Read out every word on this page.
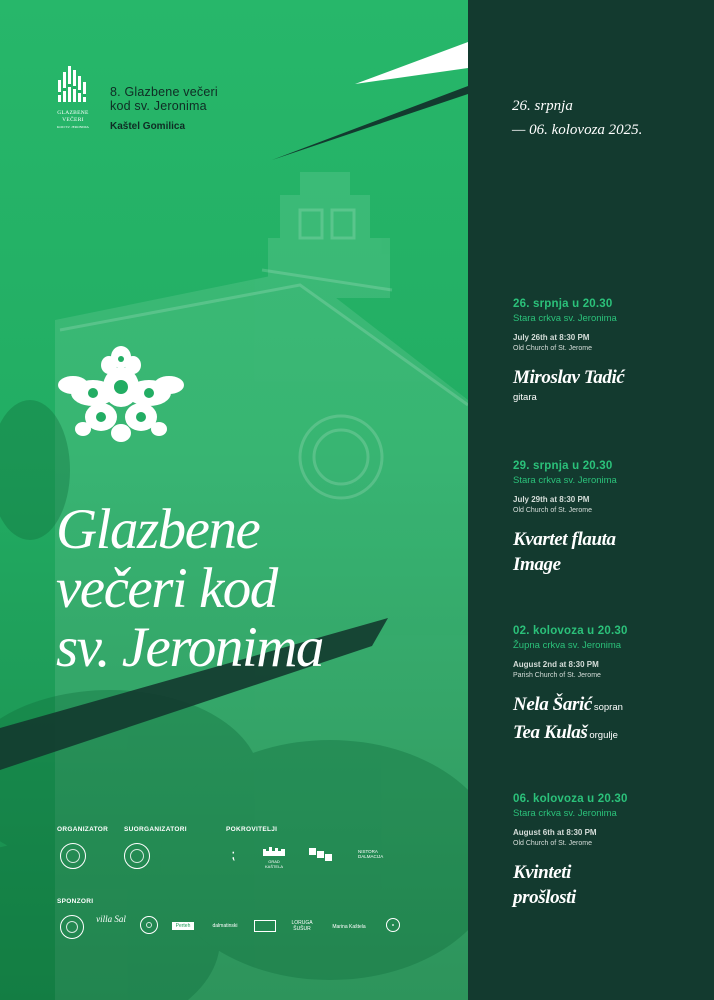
GLAZBENE
VEČERI
KOD SV. JERONIMA
8. Glazbene večeri
kod sv. Jeronima
Kaštel Gomilica
Glazbene
večeri kod
sv. Jeronima
ORGANIZATOR SUORGANIZATORI	POKROVITELJI
⁏	GRAD KAŠTELA
NISTORA DALMACIJA
SPONZORI
villa Sal
Perteh	dalmatinski	LORUGA ŠUŠUR	Marina Kaštela
26. srpnja
— 06. kolovoza 2025.
26. srpnja u 20.30
Stara crkva sv. Jeronima
July 26th at 8:30 PM
Old Church of St. Jerome
Miroslav Tadić
gitara
29. srpnja u 20.30
Stara crkva sv. Jeronima
July 29th at 8:30 PM
Old Church of St. Jerome
Kvartet flauta
Image
02. kolovoza u 20.30
Župna crkva sv. Jeronima
August 2nd at 8:30 PM
Parish Church of St. Jerome
Nela Šarić sopran
Tea Kulaš orgulje
06. kolovoza u 20.30
Stara crkva sv. Jeronima
August 6th at 8:30 PM
Old Church of St. Jerome
Kvinteti
prošlosti
